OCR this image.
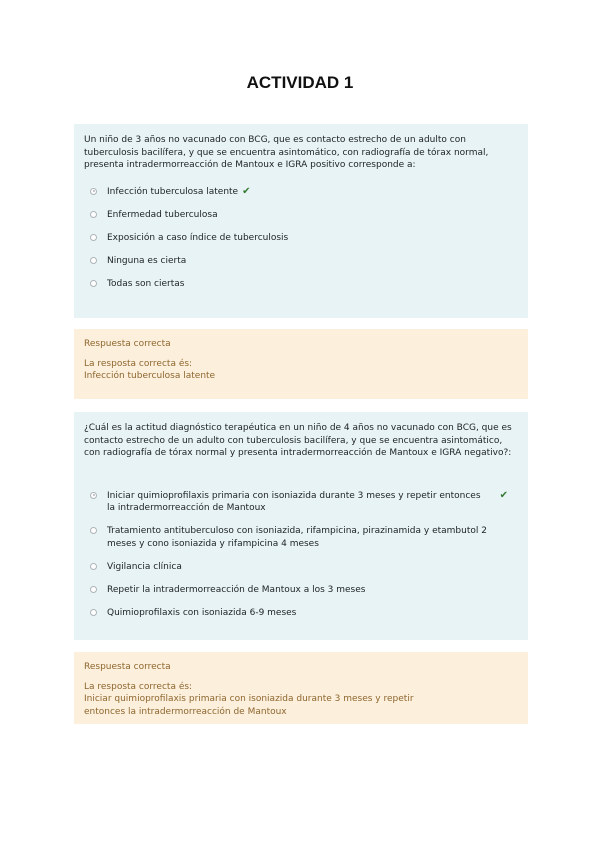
ACTIVIDAD 1
Un niño de 3 años no vacunado con BCG, que es contacto estrecho de un adulto con tuberculosis bacilífera, y que se encuentra asintomático, con radiografía de tórax normal, presenta intradermorreacción de Mantoux e IGRA positivo corresponde a:
Infección tuberculosa latente ✔
Enfermedad tuberculosa
Exposición a caso índice de tuberculosis
Ninguna es cierta
Todas son ciertas
Respuesta correcta
La resposta correcta és:
Infección tuberculosa latente
¿Cuál es la actitud diagnóstico terapéutica en un niño de 4 años no vacunado con BCG, que es contacto estrecho de un adulto con tuberculosis bacilífera, y que se encuentra asintomático, con radiografía de tórax normal y presenta intradermorreacción de Mantoux e IGRA negativo?:
Iniciar quimioprofilaxis primaria con isoniazida durante 3 meses y repetir entonces la intradermorreacción de Mantoux
✔
Tratamiento antituberculoso con isoniazida, rifampicina, pirazinamida y etambutol 2 meses y cono isoniazida y rifampicina 4 meses
Vigilancia clínica
Repetir la intradermorreacción de Mantoux a los 3 meses
Quimioprofilaxis con isoniazida 6-9 meses
Respuesta correcta
La resposta correcta és:
Iniciar quimioprofilaxis primaria con isoniazida durante 3 meses y repetir entonces la intradermorreacción de Mantoux
